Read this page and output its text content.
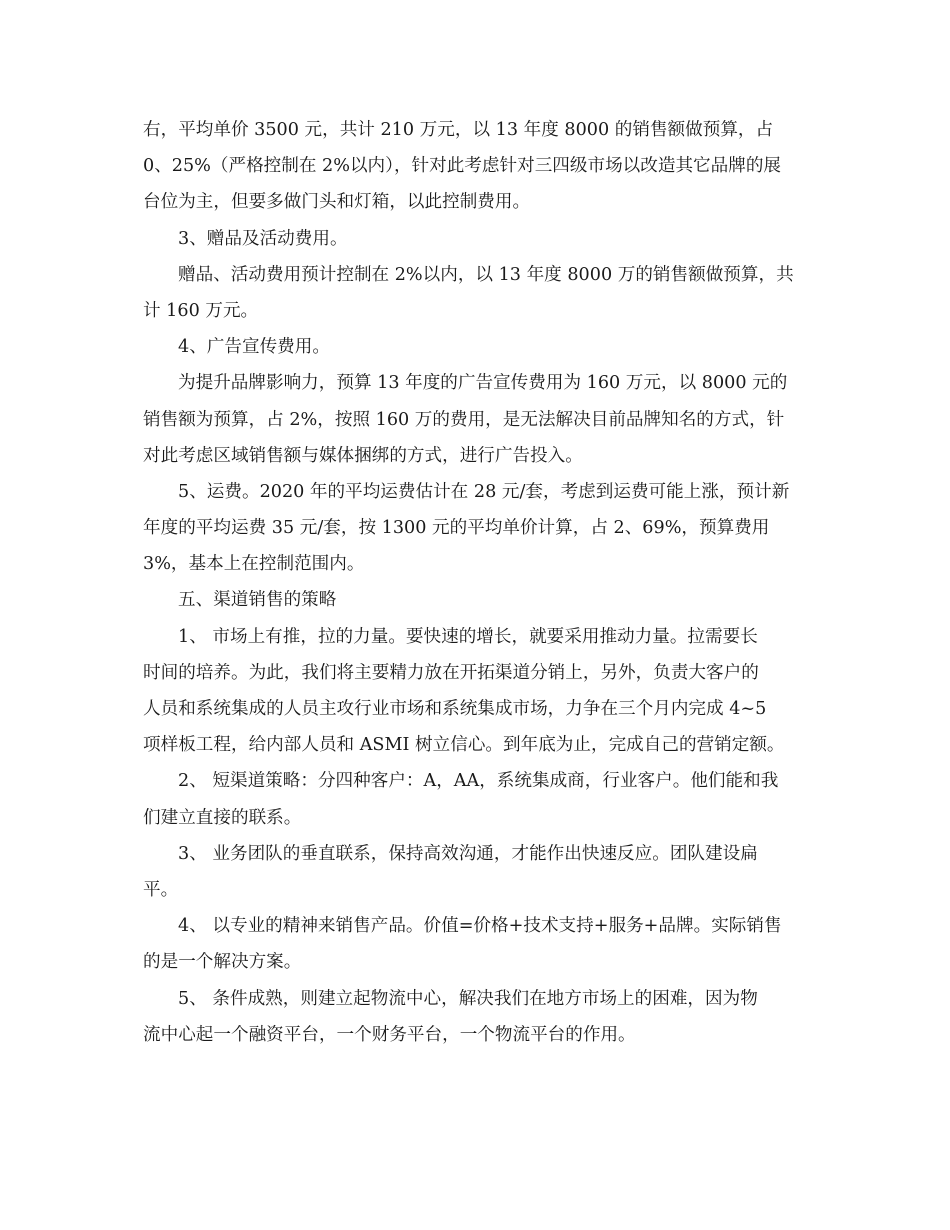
右，平均单价 3500 元，共计 210 万元，以 13 年度 8000 的销售额做预算，占
0、25%（严格控制在 2%以内），针对此考虑针对三四级市场以改造其它品牌的展
台位为主，但要多做门头和灯箱，以此控制费用。
3、赠品及活动费用。
赠品、活动费用预计控制在 2%以内，以 13 年度 8000 万的销售额做预算，共
计 160 万元。
4、广告宣传费用。
为提升品牌影响力，预算 13 年度的广告宣传费用为 160 万元，以 8000 元的
销售额为预算，占 2%，按照 160 万的费用，是无法解决目前品牌知名的方式，针
对此考虑区域销售额与媒体捆绑的方式，进行广告投入。
5、运费。2020 年的平均运费估计在 28 元/套，考虑到运费可能上涨，预计新
年度的平均运费 35 元/套，按 1300 元的平均单价计算，占 2、69%，预算费用
3%，基本上在控制范围内。
五、渠道销售的策略
1、 市场上有推，拉的力量。要快速的增长，就要采用推动力量。拉需要长
时间的培养。为此，我们将主要精力放在开拓渠道分销上，另外，负责大客户的
人员和系统集成的人员主攻行业市场和系统集成市场，力争在三个月内完成 4~5
项样板工程，给内部人员和 ASMI 树立信心。到年底为止，完成自己的营销定额。
2、 短渠道策略：分四种客户：A，AA，系统集成商，行业客户。他们能和我
们建立直接的联系。
3、 业务团队的垂直联系，保持高效沟通，才能作出快速反应。团队建设扁
平。
4、 以专业的精神来销售产品。价值=价格+技术支持+服务+品牌。实际销售
的是一个解决方案。
5、 条件成熟，则建立起物流中心，解决我们在地方市场上的困难，因为物
流中心起一个融资平台，一个财务平台，一个物流平台的作用。
